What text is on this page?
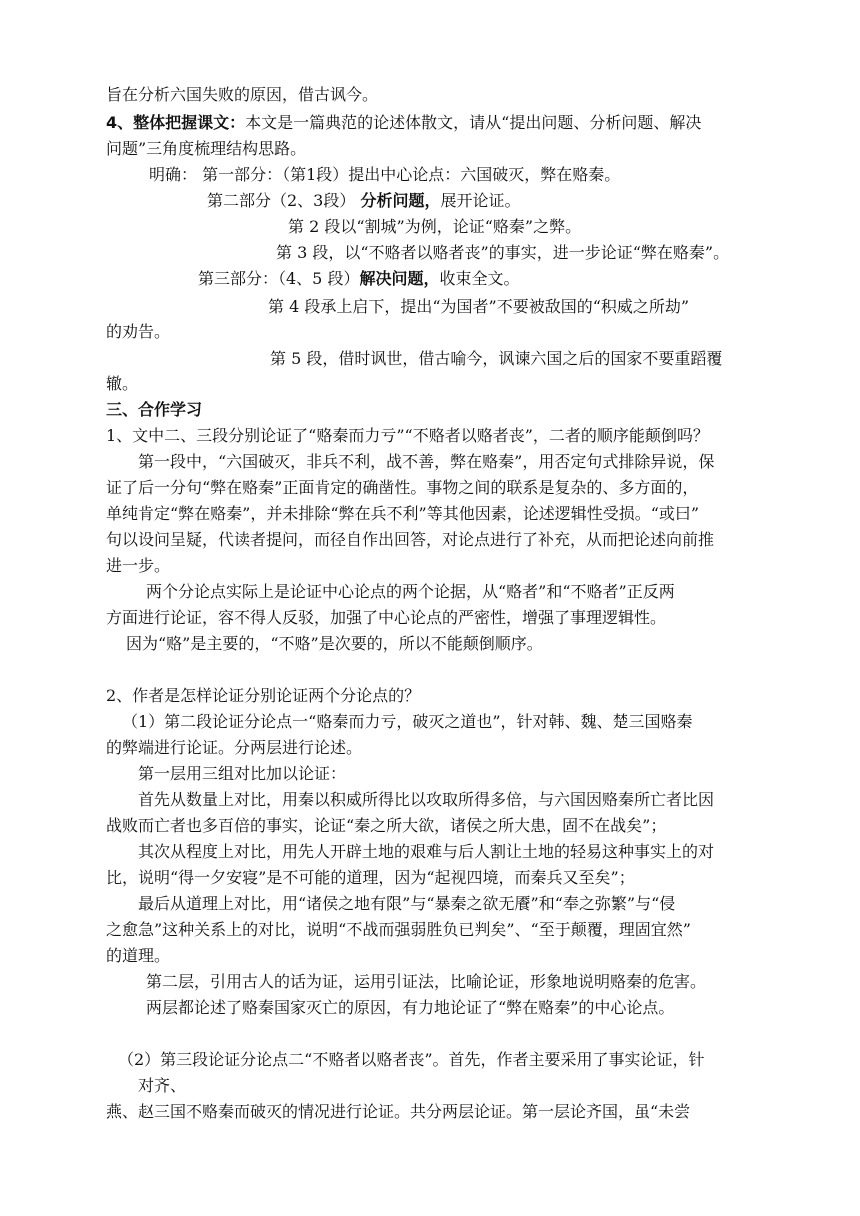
旨在分析六国失败的原因，借古讽今。
4、整体把握课文：本文是一篇典范的论述体散文，请从“提出问题、分析问题、解决
问题”三角度梳理结构思路。
明确： 第一部分：（第1段）提出中心论点：六国破灭，弊在赂秦。
第二部分（2、3段） 分析问题，展开论证。
第 2 段以“割城”为例，论证“赂秦”之弊。
第 3 段，以“不赂者以赂者丧”的事实，进一步论证“弊在赂秦”。
第三部分：（4、5 段）解决问题，收束全文。
第 4 段承上启下，提出“为国者”不要被敌国的“积威之所劫”
的劝告。
第 5 段，借时讽世，借古喻今，讽谏六国之后的国家不要重蹈覆
辙。
三、合作学习
1、文中二、三段分别论证了“赂秦而力亏”“不赂者以赂者丧”，二者的顺序能颠倒吗？
第一段中，“六国破灭，非兵不利，战不善，弊在赂秦”，用否定句式排除异说，保
证了后一分句“弊在赂秦”正面肯定的确凿性。事物之间的联系是复杂的、多方面的，
单纯肯定“弊在赂秦”，并未排除“弊在兵不利”等其他因素，论述逻辑性受损。“或曰”
句以设问呈疑，代读者提问，而径自作出回答，对论点进行了补充，从而把论述向前推
进一步。
两个分论点实际上是论证中心论点的两个论据，从“赂者”和“不赂者”正反两
方面进行论证，容不得人反驳，加强了中心论点的严密性，增强了事理逻辑性。
因为“赂”是主要的，“不赂”是次要的，所以不能颠倒顺序。
2、作者是怎样论证分别论证两个分论点的？
（1）第二段论证分论点一“赂秦而力亏，破灭之道也”，针对韩、魏、楚三国赂秦
的弊端进行论证。分两层进行论述。
第一层用三组对比加以论证：
首先从数量上对比，用秦以积威所得比以攻取所得多倍，与六国因赂秦所亡者比因
战败而亡者也多百倍的事实，论证“秦之所大欲，诸侯之所大患，固不在战矣”；
其次从程度上对比，用先人开辟土地的艰难与后人割让土地的轻易这种事实上的对
比，说明“得一夕安寝”是不可能的道理，因为“起视四境，而秦兵又至矣”；
最后从道理上对比，用“诸侯之地有限”与“暴秦之欲无餍”和“奉之弥繁”与“侵
之愈急”这种关系上的对比，说明“不战而强弱胜负已判矣”、“至于颠覆，理固宜然”
的道理。
第二层，引用古人的话为证，运用引证法，比喻论证，形象地说明赂秦的危害。
两层都论述了赂秦国家灭亡的原因，有力地论证了“弊在赂秦”的中心论点。
（2）第三段论证分论点二“不赂者以赂者丧”。首先，作者主要采用了事实论证，针
对齐、
燕、赵三国不赂秦而破灭的情况进行论证。共分两层论证。第一层论齐国，虽“未尝
